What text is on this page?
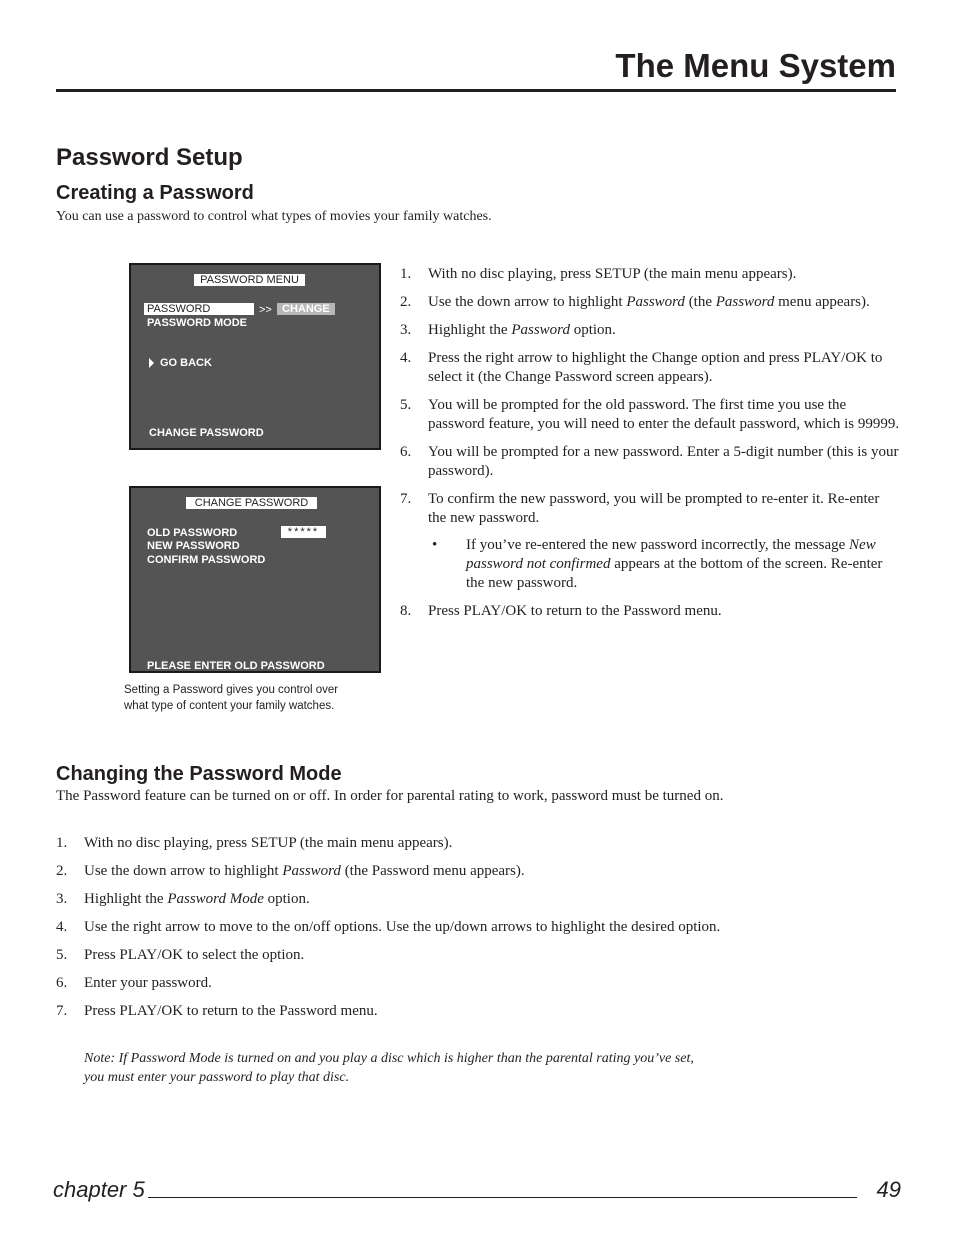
The Menu System
Password Setup
Creating a Password
You can use a password to control what types of movies your family watches.
PASSWORD MENU
PASSWORD	>> CHANGE
PASSWORD MODE
GO BACK
CHANGE PASSWORD
CHANGE PASSWORD
OLD PASSWORD	*****
NEW PASSWORD
CONFIRM PASSWORD
PLEASE ENTER OLD PASSWORD
Setting a Password gives you control over
what type of content your family watches.
1. With no disc playing, press SETUP (the main menu appears).
2. Use the down arrow to highlight Password (the Password menu appears).
3. Highlight the Password option.
4. Press the right arrow to highlight the Change option and press PLAY/OK to select it (the Change Password screen appears).
5. You will be prompted for the old password. The first time you use the password feature, you will need to enter the default password, which is 99999.
6. You will be prompted for a new password. Enter a 5-digit number (this is your password).
7. To confirm the new password, you will be prompted to re-enter it. Re-enter the new password.
• If you’ve re-entered the new password incorrectly, the message New password not confirmed appears at the bottom of the screen. Re-enter the new password.
8. Press PLAY/OK to return to the Password menu.
Changing the Password Mode
The Password feature can be turned on or off. In order for parental rating to work, password must be turned on.
1. With no disc playing, press SETUP (the main menu appears).
2. Use the down arrow to highlight Password (the Password menu appears).
3. Highlight the Password Mode option.
4. Use the right arrow to move to the on/off options. Use the up/down arrows to highlight the desired option.
5. Press PLAY/OK to select the option.
6. Enter your password.
7. Press PLAY/OK to return to the Password menu.
Note: If Password Mode is turned on and you play a disc which is higher than the parental rating you’ve set, you must enter your password to play that disc.
chapter 5	49
